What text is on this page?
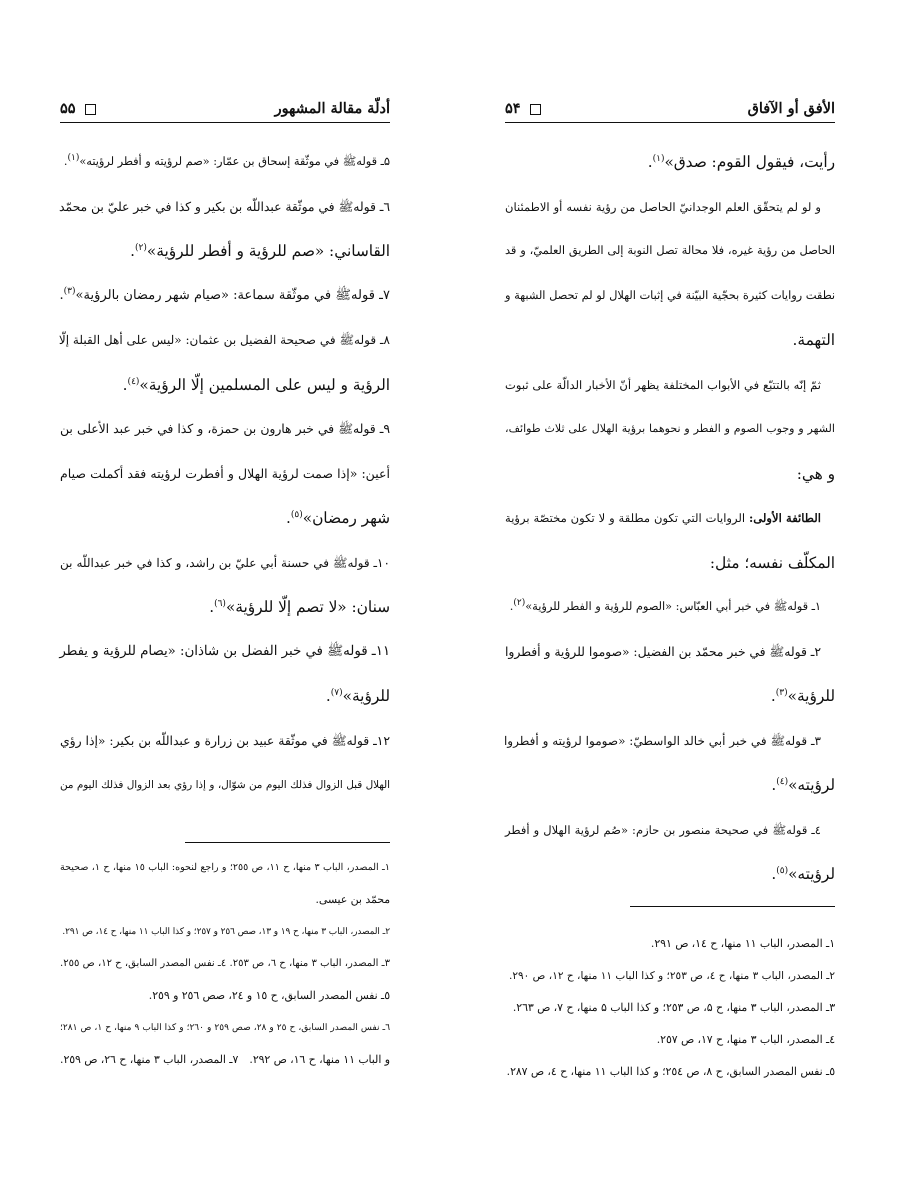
أدلّة مقالة المشهور
۵۵
۵ـ قوله‌ﷺ في موثّقة إسحاق بن عمّار: «صم لرؤيته و أفطر لرؤيته»$^{(١)}$.
٦ـ قوله‌ﷺ في موثّقة عبداللّه بن بكير و كذا في خبر عليّ بن محمّد
القاساني: «صم للرؤية و أفطر للرؤية»$^{(٢)}$.
٧ـ قوله‌ﷺ في موثّقة سماعة: «صيام شهر رمضان بالرؤية»$^{(٣)}$.
٨ـ قوله‌ﷺ في صحيحة الفضيل بن عثمان: «ليس على أهل القبلة إلّا
الرؤية و ليس على المسلمين إلّا الرؤية»$^{(٤)}$.
٩ـ قوله‌ﷺ في خبر هارون بن حمزة، و كذا في خبر عبد الأعلى بن
أعين: «إذا صمت لرؤية الهلال و أفطرت لرؤيته فقد أكملت صيام
شهر رمضان»$^{(٥)}$.
١٠ـ قوله‌ﷺ في حسنة أبي عليّ بن راشد، و كذا في خبر عبداللّه بن
سنان: «لا تصم إلّا للرؤية»$^{(٦)}$.
١١ـ قوله‌ﷺ في خبر الفضل بن شاذان: «يصام للرؤية و يفطر
للرؤية»$^{(٧)}$.
١٢ـ قوله‌ﷺ في موثّقة عبيد بن زرارة و عبداللّه بن بكير: «إذا رؤي
الهلال قبل الزوال فذلك اليوم من شوّال، و إذا رؤي بعد الزوال فذلك اليوم من
١ـ المصدر، الباب ٣ منها، ح ١١، ص ٢٥٥؛ و راجع لنحوه: الباب ١٥ منها، ح ١، صحيحة
محمّد بن عيسى.
٢ـ المصدر، الباب ٣ منها، ح ١٩ و ١٣، صص ٢٥٦ و ٢٥٧؛ و كذا الباب ١١ منها، ح ١٤، ص ٢٩١.
٣ـ المصدر، الباب ٣ منها، ح ٦، ص ٢٥٣.
٤ـ نفس المصدر السابق، ح ١٢، ص ٢٥٥.
٥ـ نفس المصدر السابق، ح ١٥ و ٢٤، صص ٢٥٦ و ٢٥٩.
٦ـ نفس المصدر السابق، ح ٢٥ و ٢٨، صص ٢٥٩ و ٢٦٠؛ و كذا الباب ٩ منها، ح ١، ص ٢٨١؛
و الباب ١١ منها، ح ١٦، ص ٢٩٢.
٧ـ المصدر، الباب ٣ منها، ح ٢٦، ص ٢٥٩.
الأفق أو الآفاق
۵۴
رأيت، فيقول القوم: صدق»$^{(١)}$.
و لو لم يتحقّق العلم الوجدانيّ الحاصل من رؤية نفسه أو الاطمئنان
الحاصل من رؤية غيره، فلا محالة تصل النوبة إلى الطريق العلميّ، و قد
نطقت روايات كثيرة بحجّية البيّنة في إثبات الهلال لو لم تحصل الشبهة و
التهمة.
ثمّ إنّه بالتتبّع في الأبواب المختلفة يظهر أنّ الأخبار الدالّة على ثبوت
الشهر و وجوب الصوم و الفطر و نحوهما برؤية الهلال على ثلاث طوائف،
و هي:
الطائفة الأولى: الروايات التي تكون مطلقة و لا تكون مختصّة برؤية
المكلّف نفسه؛ مثل:
١ـ قوله‌ﷺ في خبر أبي العبّاس: «الصوم للرؤية و الفطر للرؤية»$^{(٢)}$.
٢ـ قوله‌ﷺ في خبر محمّد بن الفضيل: «صوموا للرؤية و أفطروا
للرؤية»$^{(٣)}$.
٣ـ قوله‌ﷺ في خبر أبي خالد الواسطيّ: «صوموا لرؤيته و أفطروا
لرؤيته»$^{(٤)}$.
٤ـ قوله‌ﷺ في صحيحة منصور بن حازم: «صُم لرؤية الهلال و أفطر
لرؤيته»$^{(٥)}$.
١ـ المصدر، الباب ١١ منها، ح ١٤، ص ٢٩١.
٢ـ المصدر، الباب ٣ منها، ح ٤، ص ٢٥٣؛ و كذا الباب ١١ منها، ح ١٢، ص ٢٩٠.
٣ـ المصدر، الباب ٣ منها، ح ۵، ص ٢٥٣؛ و كذا الباب ۵ منها، ح ٧، ص ٢٦٣.
٤ـ المصدر، الباب ٣ منها، ح ١٧، ص ٢٥٧.
٥ـ نفس المصدر السابق، ح ٨، ص ٢٥٤؛ و كذا الباب ١١ منها، ح ٤، ص ٢٨٧.
